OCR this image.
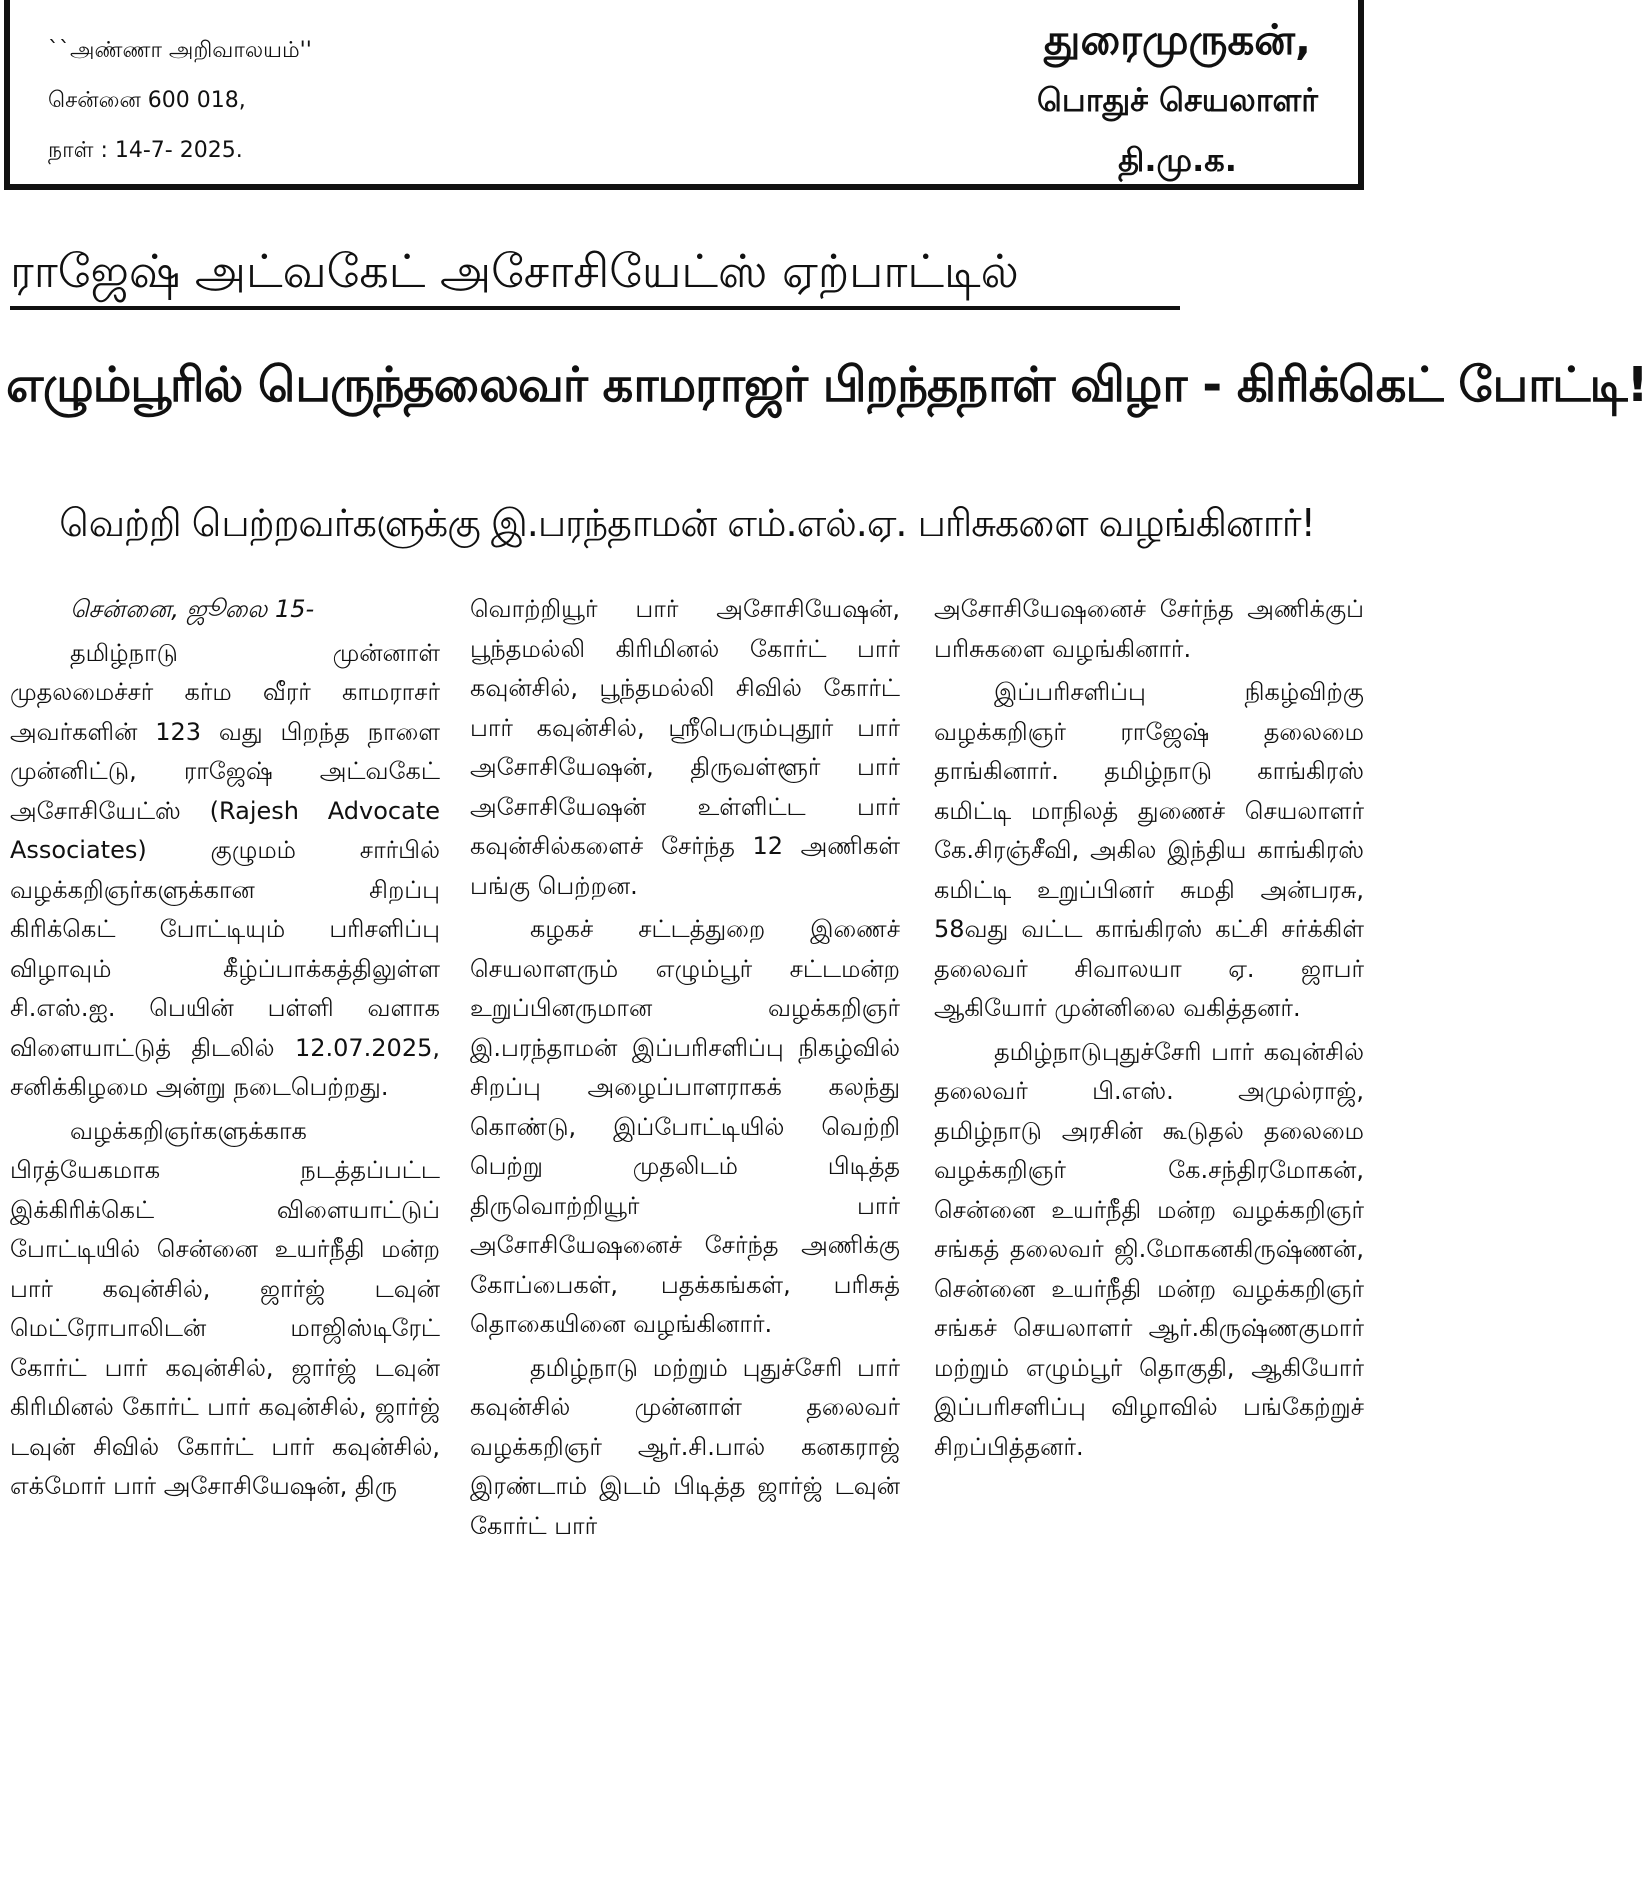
``அண்ணா அறிவாலயம்''
சென்னை 600 018,
நாள் : 14-7- 2025.
துரைமுருகன்,
பொதுச் செயலாளர்
தி.மு.க.
ராஜேஷ் அட்வகேட் அசோசியேட்ஸ் ஏற்பாட்டில்
எழும்பூரில் பெருந்தலைவர் காமராஜர் பிறந்தநாள் விழா - கிரிக்கெட் போட்டி!
வெற்றி பெற்றவர்களுக்கு இ.பரந்தாமன் எம்.எல்.ஏ. பரிசுகளை வழங்கினார்!

சென்னை, ஜூலை 15-

தமிழ்நாடு முன்னாள் முதலமைச்சர் கர்ம வீரர் காமராசர் அவர்களின் 123 வது பிறந்த நாளை முன்னிட்டு, ராஜேஷ் அட்வகேட் அசோசியேட்ஸ் (Rajesh Advocate Associates) குழுமம் சார்பில் வழக்கறிஞர்களுக்கான சிறப்பு கிரிக்கெட் போட்டியும் பரிசளிப்பு விழாவும் கீழ்ப்பாக்கத்திலுள்ள சி.எஸ்.ஐ. பெயின் பள்ளி வளாக விளையாட்டுத் திடலில் 12.07.2025, சனிக்கிழமை அன்று நடைபெற்றது.

வழக்கறிஞர்களுக்காக பிரத்யேகமாக நடத்தப்பட்ட இக்கிரிக்கெட் விளையாட்டுப் போட்டியில் சென்னை உயர்நீதி மன்ற பார் கவுன்சில், ஜார்ஜ் டவுன் மெட்ரோபாலிடன் மாஜிஸ்டிரேட் கோர்ட் பார் கவுன்சில், ஜார்ஜ் டவுன் கிரிமினல் கோர்ட் பார் கவுன்சில், ஜார்ஜ் டவுன் சிவில் கோர்ட் பார் கவுன்சில், எக்மோர் பார் அசோசியேஷன், திரு

வொற்றியூர் பார் அசோசியேஷன், பூந்தமல்லி கிரிமினல் கோர்ட் பார் கவுன்சில், பூந்தமல்லி சிவில் கோர்ட் பார் கவுன்சில், ஸ்ரீபெரும்புதூர் பார் அசோசியேஷன், திருவள்ளூர் பார் அசோசியேஷன் உள்ளிட்ட பார் கவுன்சில்களைச் சேர்ந்த 12 அணிகள் பங்கு பெற்றன.

கழகச் சட்டத்துறை இணைச் செயலாளரும் எழும்பூர் சட்டமன்ற உறுப்பினருமான வழக்கறிஞர் இ.பரந்தாமன் இப்பரிசளிப்பு நிகழ்வில் சிறப்பு அழைப்பாளராகக் கலந்து கொண்டு, இப்போட்டியில் வெற்றி பெற்று முதலிடம் பிடித்த திருவொற்றியூர் பார் அசோசியேஷனைச் சேர்ந்த அணிக்கு கோப்பைகள், பதக்கங்கள், பரிசுத் தொகையினை வழங்கினார்.

தமிழ்நாடு மற்றும் புதுச்சேரி பார் கவுன்சில் முன்னாள் தலைவர் வழக்கறிஞர் ஆர்.சி.பால் கனகராஜ் இரண்டாம் இடம் பிடித்த ஜார்ஜ் டவுன் கோர்ட் பார்

அசோசியேஷனைச் சேர்ந்த அணிக்குப் பரிசுகளை வழங்கினார்.

இப்பரிசளிப்பு நிகழ்விற்கு வழக்கறிஞர் ராஜேஷ் தலைமை தாங்கினார். தமிழ்நாடு காங்கிரஸ் கமிட்டி மாநிலத் துணைச் செயலாளர் கே.சிரஞ்சீவி, அகில இந்திய காங்கிரஸ் கமிட்டி உறுப்பினர் சுமதி அன்பரசு, 58வது வட்ட காங்கிரஸ் கட்சி சர்க்கிள் தலைவர் சிவாலயா ஏ. ஜாபர் ஆகியோர் முன்னிலை வகித்தனர்.

தமிழ்நாடுபுதுச்சேரி பார் கவுன்சில் தலைவர் பி.எஸ். அமுல்ராஜ், தமிழ்நாடு அரசின் கூடுதல் தலைமை வழக்கறிஞர் கே.சந்திரமோகன், சென்னை உயர்நீதி மன்ற வழக்கறிஞர் சங்கத் தலைவர் ஜி.மோகனகிருஷ்ணன், சென்னை உயர்நீதி மன்ற வழக்கறிஞர் சங்கச் செயலாளர் ஆர்.கிருஷ்ணகுமார் மற்றும் எழும்பூர் தொகுதி, ஆகியோர் இப்பரிசளிப்பு விழாவில் பங்கேற்றுச் சிறப்பித்தனர்.
